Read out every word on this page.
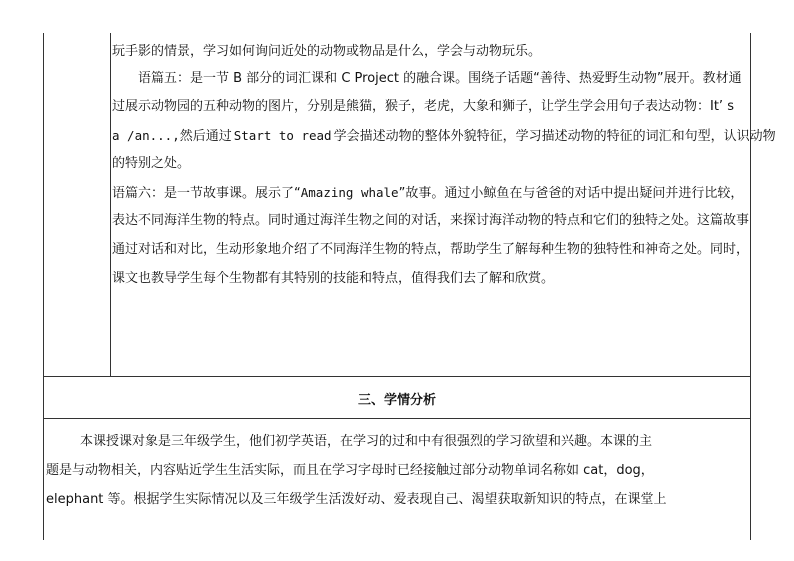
玩手影的情景，学习如何询问近处的动物或物品是什么，学会与动物玩乐。
语篇五：是一节 B 部分的词汇课和 C Project 的融合课。围绕子话题“善待、热爱野生动物”展开。教材通
过展示动物园的五种动物的图片，分别是熊猫，猴子，老虎，大象和狮子，让学生学会用句子表达动物：It’ s
a /an...,然后通过 Start to read 学会描述动物的整体外貌特征，学习描述动物的特征的词汇和句型，认识动物
的特别之处。
语篇六：是一节故事课。展示了“Amazing whale”故事。通过小鲸鱼在与爸爸的对话中提出疑问并进行比较，
表达不同海洋生物的特点。同时通过海洋生物之间的对话，来探讨海洋动物的特点和它们的独特之处。这篇故事
通过对话和对比，生动形象地介绍了不同海洋生物的特点，帮助学生了解每种生物的独特性和神奇之处。同时，
课文也教导学生每个生物都有其特别的技能和特点，值得我们去了解和欣赏。
三、学情分析
本课授课对象是三年级学生，他们初学英语，在学习的过和中有很强烈的学习欲望和兴趣。本课的主
题是与动物相关，内容贴近学生生活实际，而且在学习字母时已经接触过部分动物单词名称如 cat，dog，
elephant 等。根据学生实际情况以及三年级学生活泼好动、爱表现自己、渴望获取新知识的特点，在课堂上
